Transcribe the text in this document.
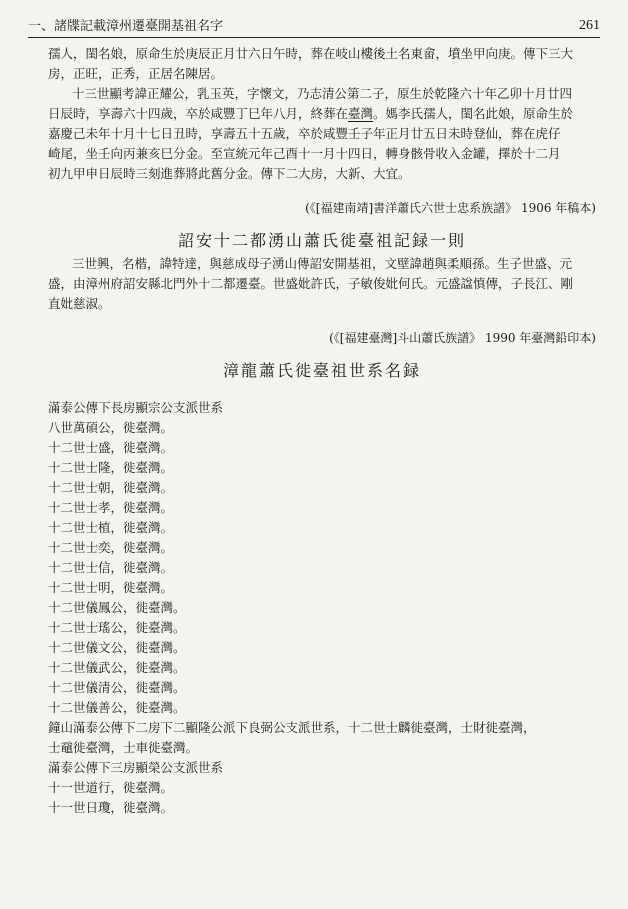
一、諸牒記載漳州遷臺開基祖名字	261

孺人，閨名娘，原命生於庚辰正月廿六日午時，葬在岐山樓後土名東畲，墳坐甲向庚。傳下三大

房，正旺，正秀，正居名陳居。

十三世顯考諱正耀公，乳玉英，字懷文，乃志清公第二子，原生於乾隆六十年乙卯十月廿四

日辰時，享壽六十四歲，卒於咸豐丁巳年八月，終葬在臺灣。媽李氏孺人，閨名此娘，原命生於

嘉慶己未年十月十七日丑時，享壽五十五歲，卒於咸豐壬子年正月廿五日未時登仙，葬在虎仔

崎尾，坐壬向丙兼亥巳分金。至宣統元年己酉十一月十四日，轉身骸骨收入金罐，擇於十二月

初九甲申日辰時三刻進葬將此舊分金。傳下二大房，大新、大宜。

(《[福建南靖]書洋蕭氏六世士忠系族譜》 1906 年稿本)

詔安十二都湧山蕭氏徙臺祖記録一則

三世興，名楷，諱特達，與慈成母子湧山傳詔安開基祖，文壁諱趙與柔順孫。生子世盛、元

盛，由漳州府詔安縣北門外十二都遷臺。世盛妣許氏，子敏俊妣何氏。元盛諡慎傳，子長江、剛

直妣慈淑。

(《[福建臺灣]斗山蕭氏族譜》 1990 年臺灣鉛印本)

漳龍蕭氏徙臺祖世系名録

滿泰公傳下長房顯宗公支派世系

八世萬碩公，徙臺灣。

十二世士盛，徙臺灣。

十二世士隆，徙臺灣。

十二世士朝，徙臺灣。

十二世士孝，徙臺灣。

十二世士植，徙臺灣。

十二世士奕，徙臺灣。

十二世士信，徙臺灣。

十二世士明，徙臺灣。

十二世儀鳳公，徙臺灣。

十二世士瑤公，徙臺灣。

十二世儀文公，徙臺灣。

十二世儀武公，徙臺灣。

十二世儀清公，徙臺灣。

十二世儀善公，徙臺灣。

鐘山滿泰公傳下二房下二顯隆公派下良弼公支派世系，十二世士麟徙臺灣，士財徙臺灣，

士黿徙臺灣，士車徙臺灣。

滿泰公傳下三房顯榮公支派世系

十一世道行，徙臺灣。

十一世日瓊，徙臺灣。
